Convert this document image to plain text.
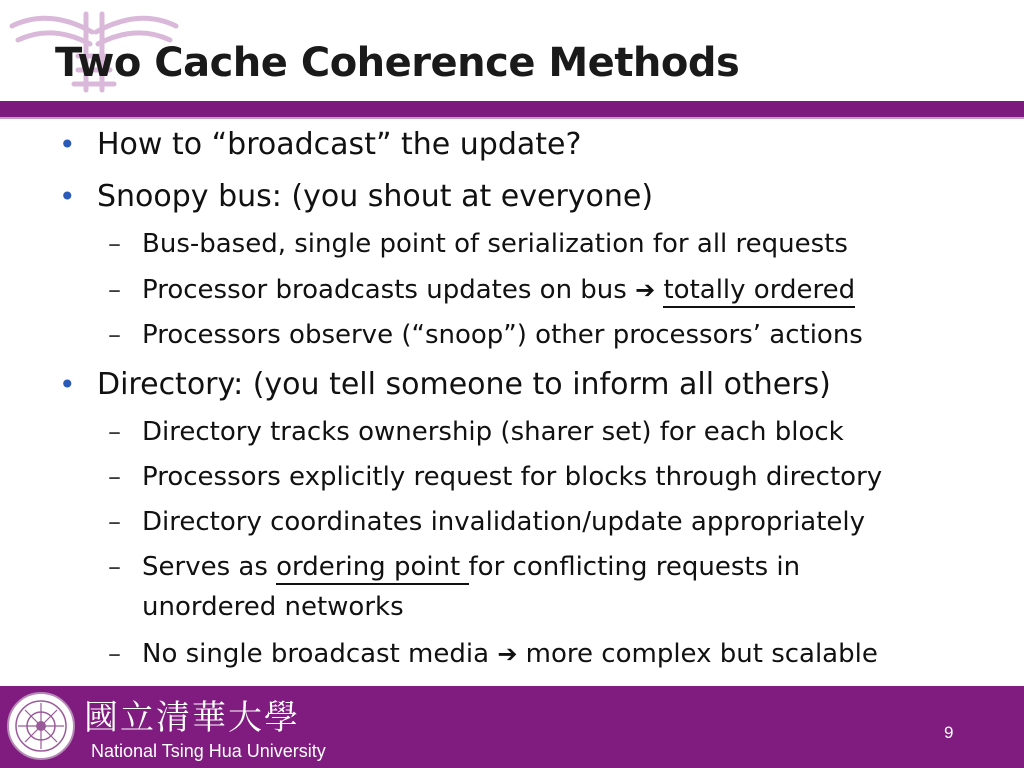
Two Cache Coherence Methods
• How to “broadcast” the update?
• Snoopy bus: (you shout at everyone)
– Bus-based, single point of serialization for all requests
– Processor broadcasts updates on bus ➔ totally ordered
– Processors observe (“snoop”) other processors’ actions
• Directory: (you tell someone to inform all others)
– Directory tracks ownership (sharer set) for each block
– Processors explicitly request for blocks through directory
– Directory coordinates invalidation/update appropriately
– Serves as ordering point for conflicting requests in
unordered networks
– No single broadcast media ➔ more complex but scalable
國立清華大學
National Tsing Hua University
9
